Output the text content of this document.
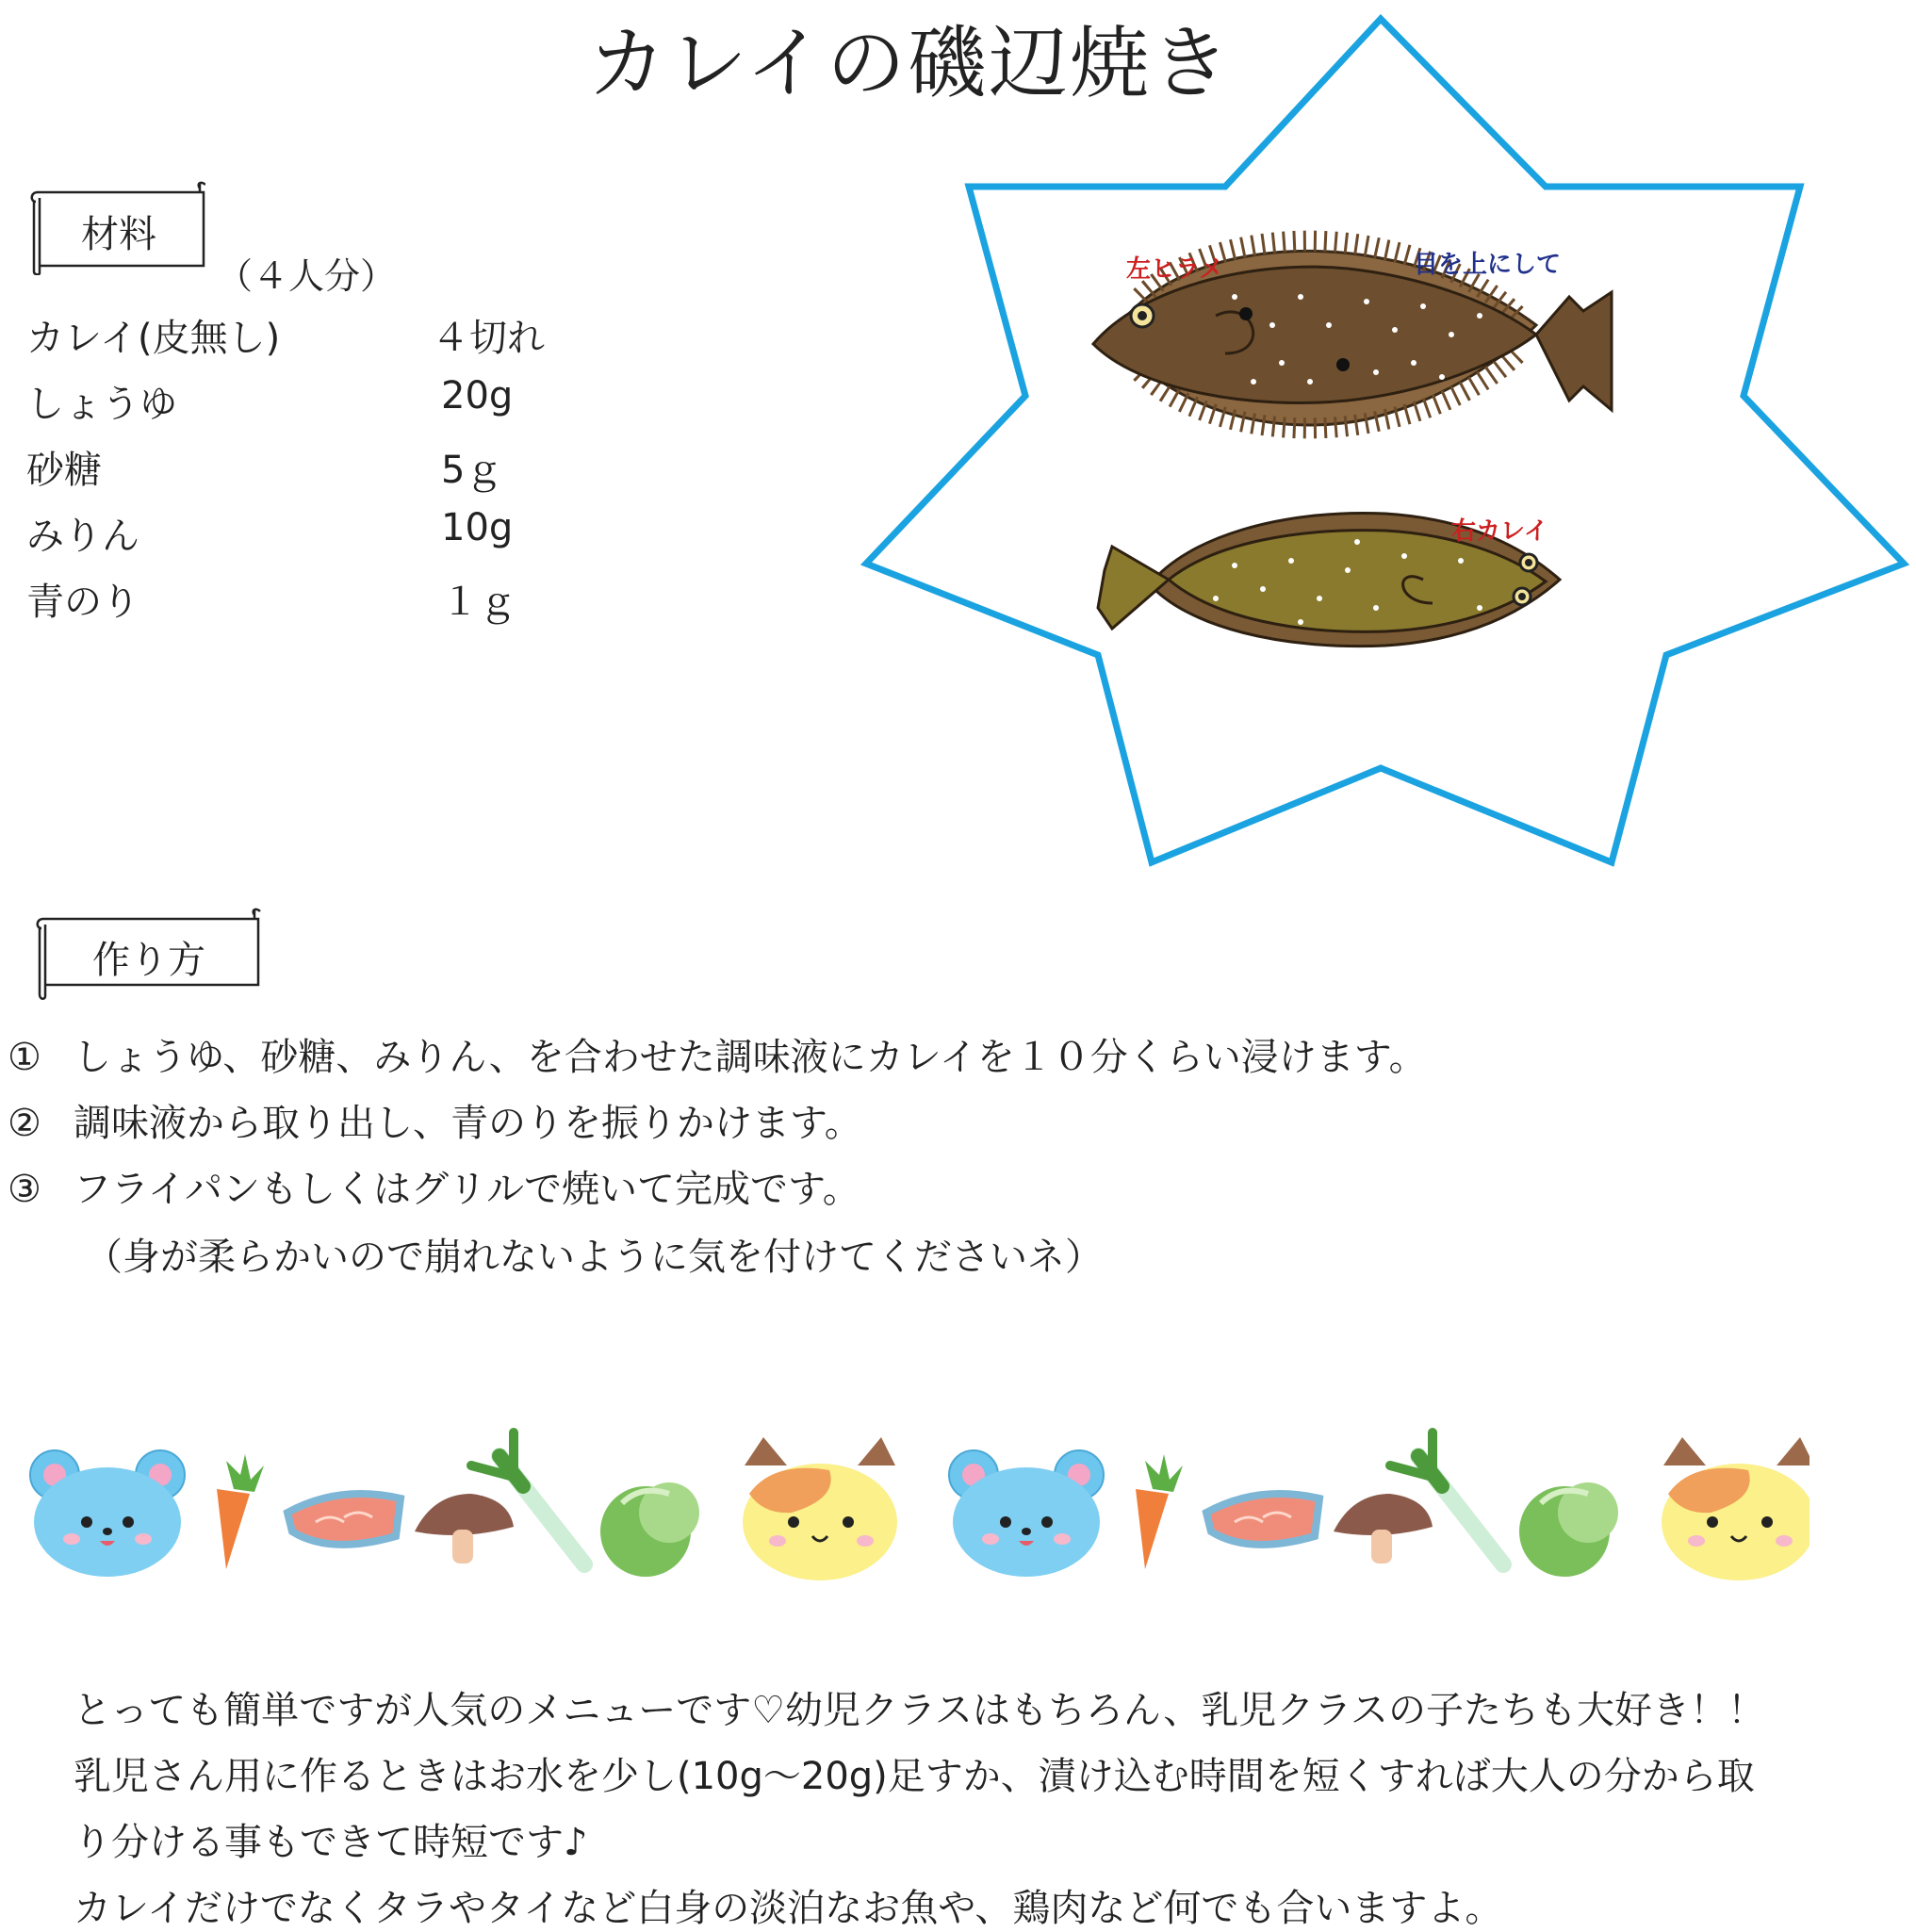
カレイの磯辺焼き
材料
（４人分）
カレイ(皮無し)	４切れ
しょうゆ	20g
砂糖	5ｇ
みりん	10g
青のり	１ｇ
左ヒラメ	目を上にして
右カレイ
作り方
① しょうゆ、砂糖、みりん、を合わせた調味液にカレイを１０分くらい浸けます。
② 調味液から取り出し、青のりを振りかけます。
③ フライパンもしくはグリルで焼いて完成です。
（身が柔らかいので崩れないように気を付けてくださいネ）
とっても簡単ですが人気のメニューです♡幼児クラスはもちろん、乳児クラスの子たちも大好き！！
乳児さん用に作るときはお水を少し(10g～20g)足すか、漬け込む時間を短くすれば大人の分から取
り分ける事もできて時短です♪
カレイだけでなくタラやタイなど白身の淡泊なお魚や、鶏肉など何でも合いますよ。
